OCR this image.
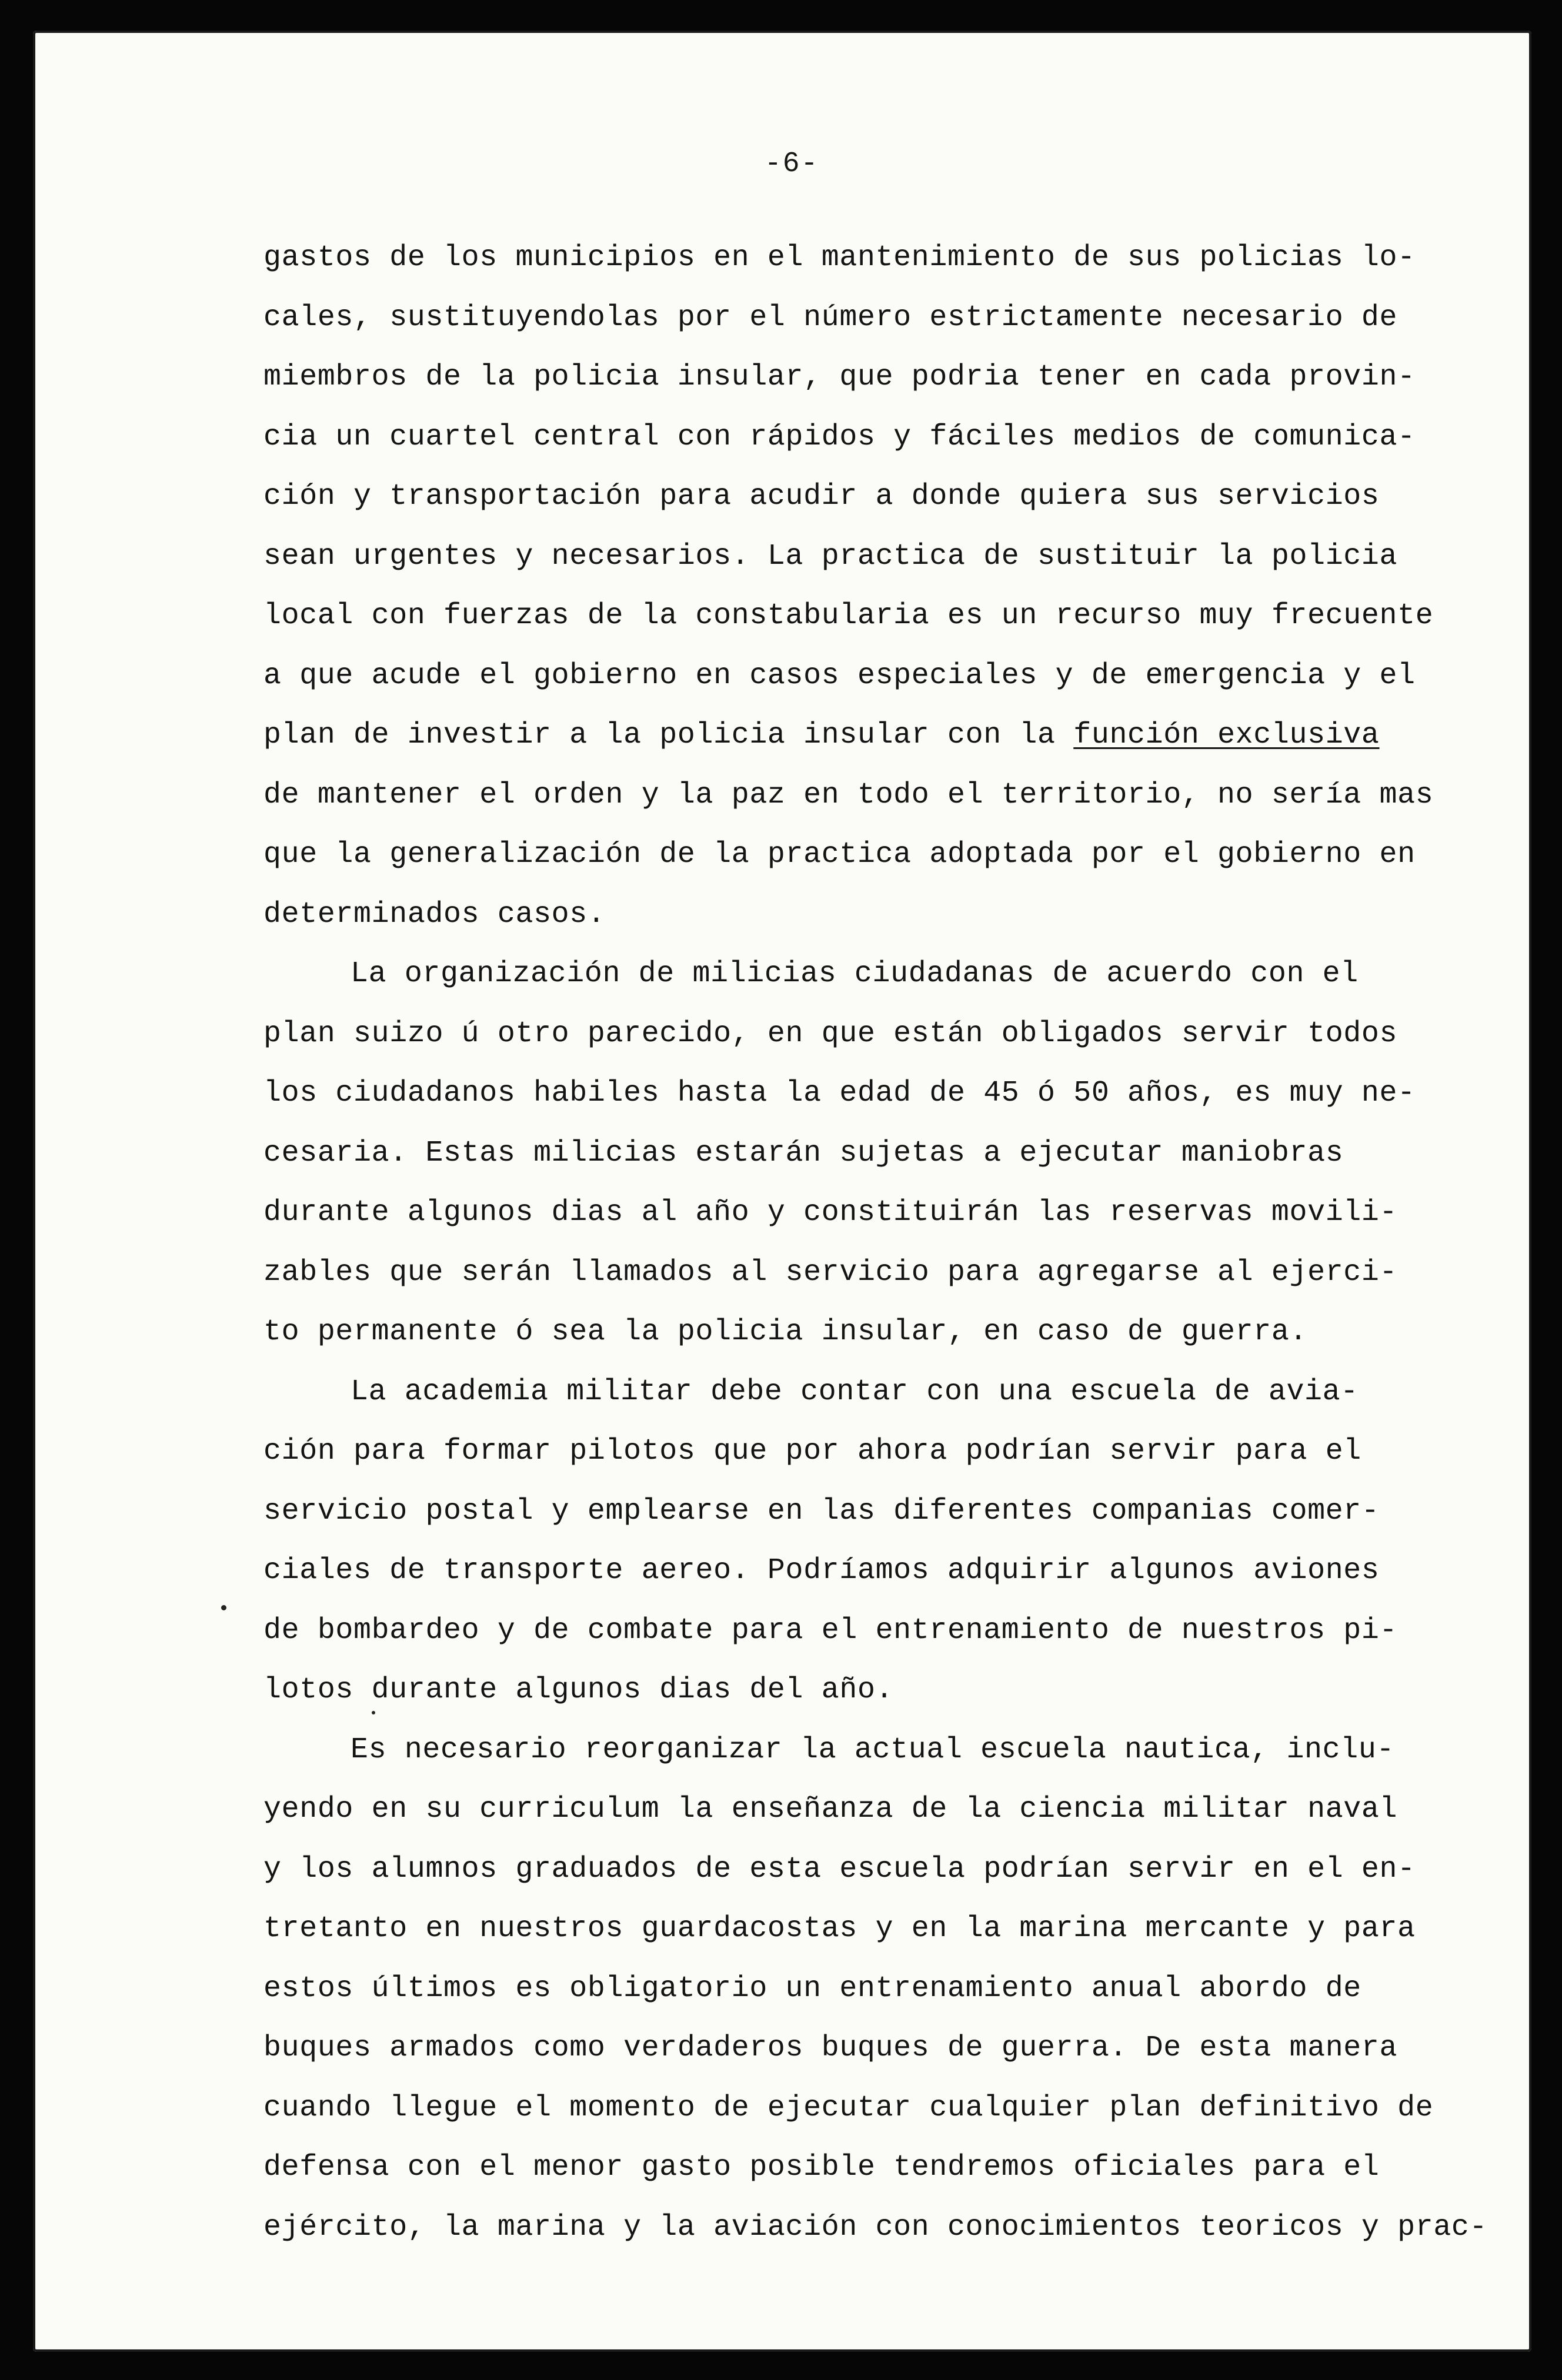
-6-
gastos de los municipios en el mantenimiento de sus policias lo-
cales, sustituyendolas por el número estrictamente necesario de
miembros de la policia insular, que podria tener en cada provin-
cia un cuartel central con rápidos y fáciles medios de comunica-
ción y transportación para acudir a donde quiera sus servicios
sean urgentes y necesarios. La practica de sustituir la policia
local con fuerzas de la constabularia es un recurso muy frecuente
a que acude el gobierno en casos especiales y de emergencia y el
plan de investir a la policia insular con la función exclusiva
de mantener el orden y la paz en todo el territorio, no sería mas
que la generalización de la practica adoptada por el gobierno en
determinados casos.
La organización de milicias ciudadanas de acuerdo con el
plan suizo ú otro parecido, en que están obligados servir todos
los ciudadanos habiles hasta la edad de 45 ó 50 años, es muy ne-
cesaria. Estas milicias estarán sujetas a ejecutar maniobras
durante algunos dias al año y constituirán las reservas movili-
zables que serán llamados al servicio para agregarse al ejerci-
to permanente ó sea la policia insular, en caso de guerra.
La academia militar debe contar con una escuela de avia-
ción para formar pilotos que por ahora podrían servir para el
servicio postal y emplearse en las diferentes companias comer-
ciales de transporte aereo. Podríamos adquirir algunos aviones
de bombardeo y de combate para el entrenamiento de nuestros pi-
lotos durante algunos dias del año.
Es necesario reorganizar la actual escuela nautica, inclu-
yendo en su curriculum la enseñanza de la ciencia militar naval
y los alumnos graduados de esta escuela podrían servir en el en-
tretanto en nuestros guardacostas y en la marina mercante y para
estos últimos es obligatorio un entrenamiento anual abordo de
buques armados como verdaderos buques de guerra. De esta manera
cuando llegue el momento de ejecutar cualquier plan definitivo de
defensa con el menor gasto posible tendremos oficiales para el
ejército, la marina y la aviación con conocimientos teoricos y prac-
